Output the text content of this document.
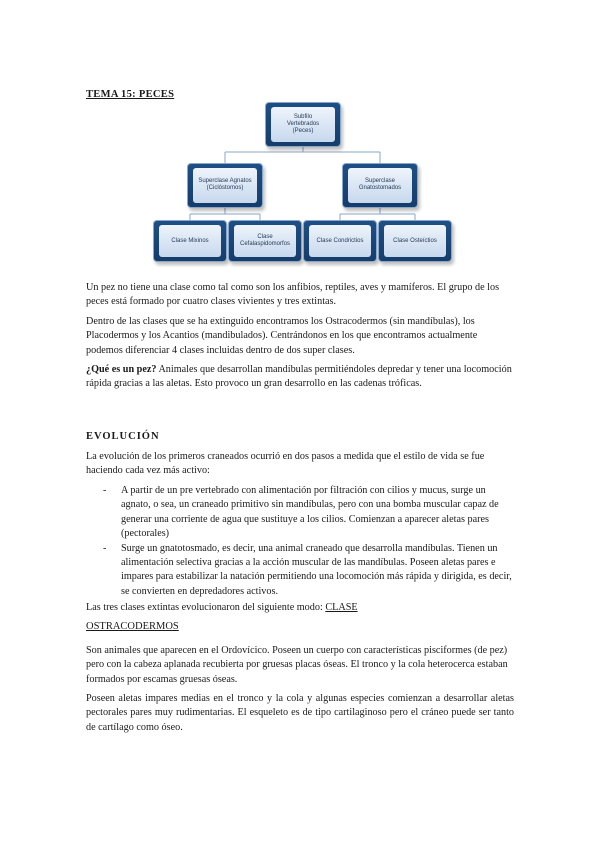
TEMA 15: PECES
Subfilo
Vertebrados
(Peces)
Superclase Agnatos
(Ciclóstomos)
Superclase
Gnatostomados
Clase Mixinos
Clase Cefalaspidomorfos
Clase Condrictios	Clase Osteíctios

Un pez no tiene una clase como tal como son los anfibios, reptiles, aves y mamíferos. El grupo de los peces está formado por cuatro clases vivientes y tres extintas.

Dentro de las clases que se ha extinguido encontramos los Ostracodermos (sin mandíbulas), los Placodermos y los Acantios (mandibulados). Centrándonos en los que encontramos actualmente podemos diferenciar 4 clases incluidas dentro de dos super clases.

¿Qué es un pez? Animales que desarrollan mandíbulas permitiéndoles depredar y tener una locomoción rápida gracias a las aletas. Esto provoco un gran desarrollo en las cadenas tróficas.

EVOLUCIÓN

La evolución de los primeros craneados ocurrió en dos pasos a medida que el estilo de vida se fue haciendo cada vez más activo:

- A partir de un pre vertebrado con alimentación por filtración con cilios y mucus, surge un agnato, o sea, un craneado primitivo sin mandíbulas, pero con una bomba muscular capaz de generar una corriente de agua que sustituye a los cilios. Comienzan a aparecer aletas pares (pectorales)
- Surge un gnatotosmado, es decir, una animal craneado que desarrolla mandíbulas. Tienen un alimentación selectiva gracias a la acción muscular de las mandíbulas. Poseen aletas pares e impares para estabilizar la natación permitiendo una locomoción más rápida y dirigida, es decir, se convierten en depredadores activos.

Las tres clases extintas evolucionaron del siguiente modo: CLASE

OSTRACODERMOS

Son animales que aparecen en el Ordovícico. Poseen un cuerpo con características pisciformes (de pez) pero con la cabeza aplanada recubierta por gruesas placas óseas. El tronco y la cola heterocerca estaban formados por escamas gruesas óseas.

Poseen aletas impares medias en el tronco y la cola y algunas especies comienzan a desarrollar aletas pectorales pares muy rudimentarias. El esqueleto es de tipo cartilaginoso pero el cráneo puede ser tanto de cartílago como óseo.
